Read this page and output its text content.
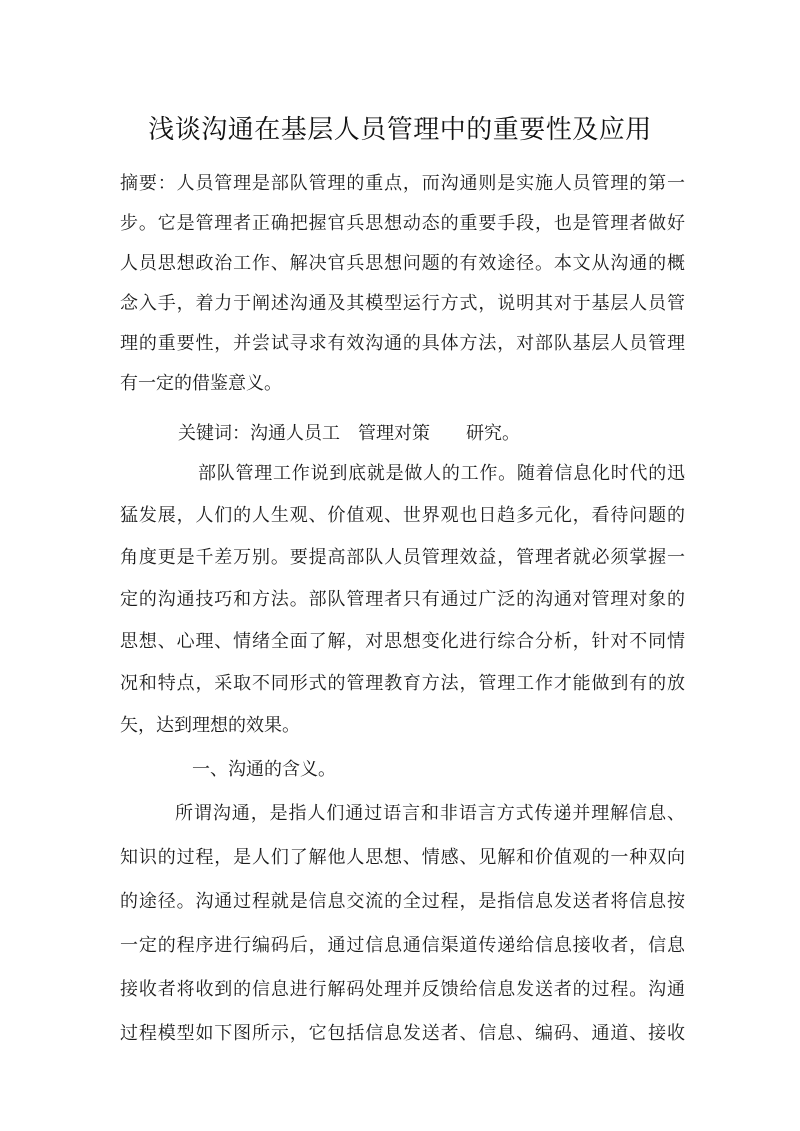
浅谈沟通在基层人员管理中的重要性及应用
摘要：人员管理是部队管理的重点，而沟通则是实施人员管理的第一
步。它是管理者正确把握官兵思想动态的重要手段，也是管理者做好
人员思想政治工作、解决官兵思想问题的有效途径。本文从沟通的概
念入手，着力于阐述沟通及其模型运行方式，说明其对于基层人员管
理的重要性，并尝试寻求有效沟通的具体方法，对部队基层人员管理
有一定的借鉴意义。
关键词：沟通人员工　管理对策　　研究。
部队管理工作说到底就是做人的工作。随着信息化时代的迅
猛发展，人们的人生观、价值观、世界观也日趋多元化，看待问题的
角度更是千差万别。要提高部队人员管理效益，管理者就必须掌握一
定的沟通技巧和方法。部队管理者只有通过广泛的沟通对管理对象的
思想、心理、情绪全面了解，对思想变化进行综合分析，针对不同情
况和特点，采取不同形式的管理教育方法，管理工作才能做到有的放
矢，达到理想的效果。
一、沟通的含义。
所谓沟通，是指人们通过语言和非语言方式传递并理解信息、
知识的过程，是人们了解他人思想、情感、见解和价值观的一种双向
的途径。沟通过程就是信息交流的全过程，是指信息发送者将信息按
一定的程序进行编码后，通过信息通信渠道传递给信息接收者，信息
接收者将收到的信息进行解码处理并反馈给信息发送者的过程。沟通
过程模型如下图所示，它包括信息发送者、信息、编码、通道、接收
